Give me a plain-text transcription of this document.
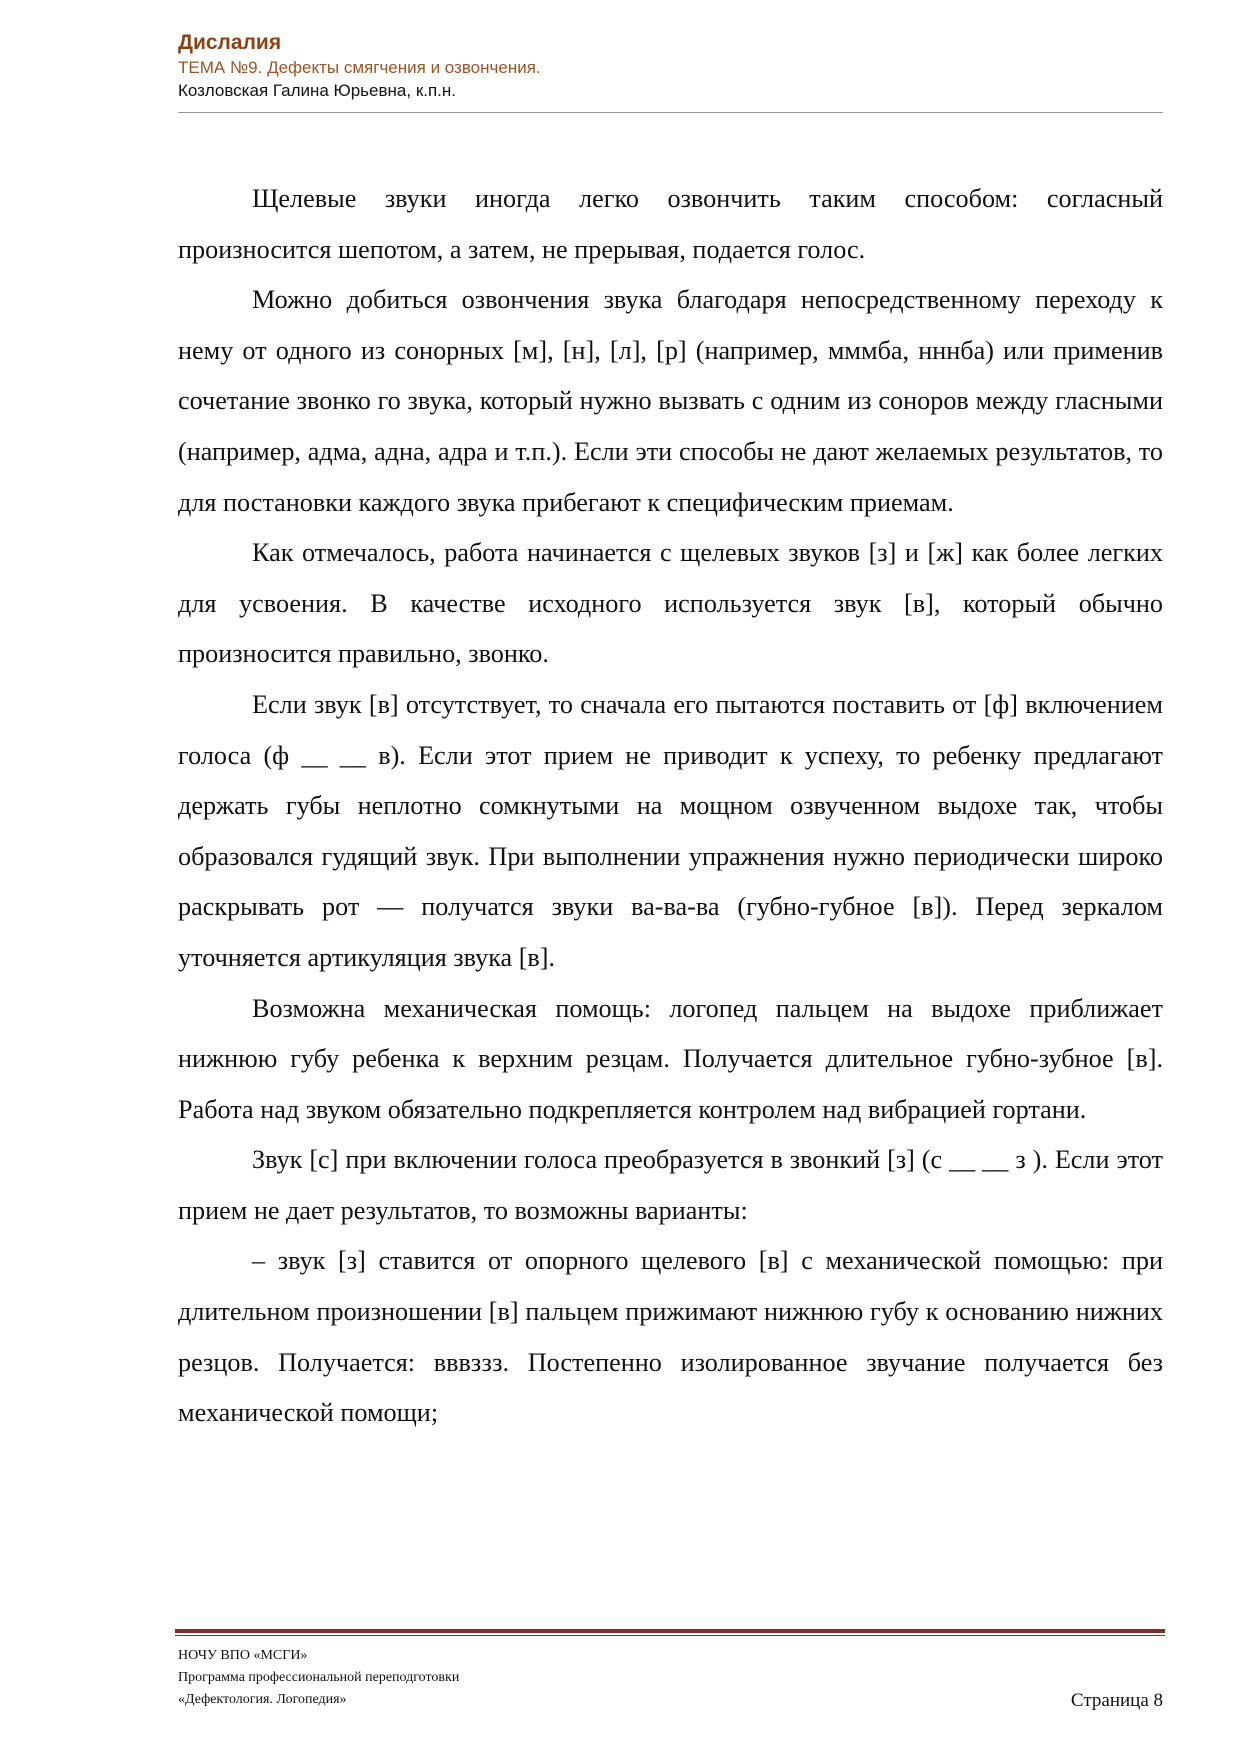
Дислалия
ТЕМА №9. Дефекты смягчения и озвончения.
Козловская Галина Юрьевна, к.п.н.

Щелевые звуки иногда легко озвончить таким способом: согласный произносится шепотом, а затем, не прерывая, подается голос.

Можно добиться озвончения звука благодаря непосредственному переходу к нему от одного из сонорных [м], [н], [л], [р] (например, мммба, нннба) или применив сочетание звонко го звука, который нужно вызвать с одним из соноров между гласными (например, адма, адна, адра и т.п.). Если эти способы не дают желаемых результатов, то для постановки каждого звука прибегают к специфическим приемам.

Как отмечалось, работа начинается с щелевых звуков [з] и [ж] как более легких для усвоения. В качестве исходного используется звук [в], который обычно произносится правильно, звонко.

Если звук [в] отсутствует, то сначала его пытаются поставить от [ф] включением голоса (ф __ __ в). Если этот прием не приводит к успеху, то ребенку предлагают держать губы неплотно сомкнутыми на мощном озвученном выдохе так, чтобы образовался гудящий звук. При выполнении упражнения нужно периодически широко раскрывать рот — получатся звуки ва-ва-ва (губно-губное [в]). Перед зеркалом уточняется артикуляция звука [в].

Возможна механическая помощь: логопед пальцем на выдохе приближает нижнюю губу ребенка к верхним резцам. Получается длительное губно-зубное [в]. Работа над звуком обязательно подкрепляется контролем над вибрацией гортани.

Звук [с] при включении голоса преобразуется в звонкий [з] (с __ __ з ). Если этот прием не дает результатов, то возможны варианты:

– звук [з] ставится от опорного щелевого [в] с механической помощью: при длительном произношении [в] пальцем прижимают нижнюю губу к основанию нижних резцов. Получается: вввззз. Постепенно изолированное звучание получается без механической помощи;

НОЧУ ВПО «МСГИ»
Программа профессиональной переподготовки
«Дефектология. Логопедия»	Страница 8
